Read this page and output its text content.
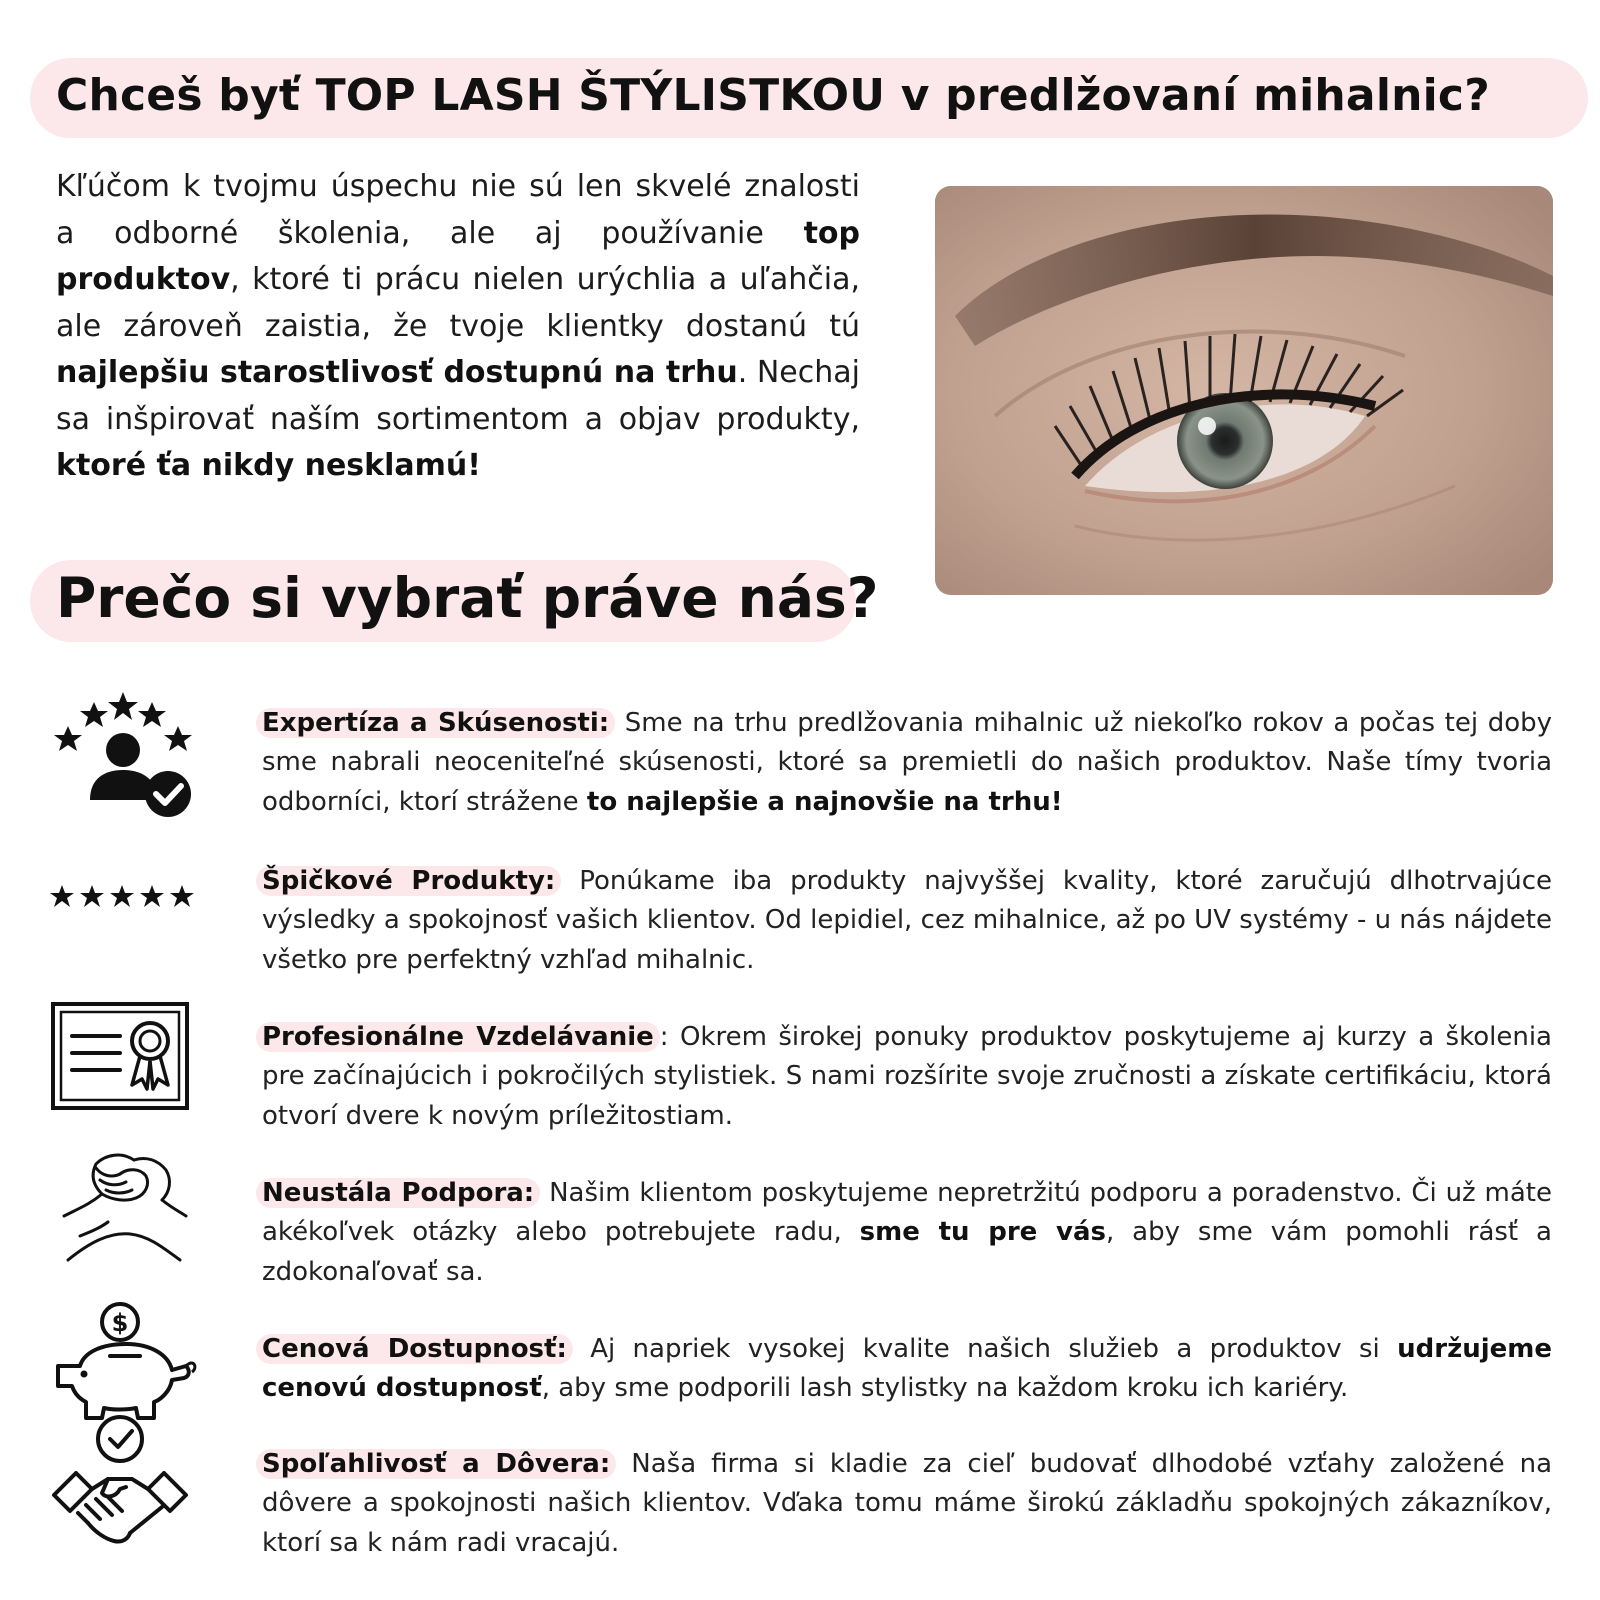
Chceš byť TOP LASH ŠTÝLISTKOU v predlžovaní mihalnic?

Kľúčom k tvojmu úspechu nie sú len skvelé znalosti a odborné školenia, ale aj používanie top produktov, ktoré ti prácu nielen urýchlia a uľahčia, ale zároveň zaistia, že tvoje klientky dostanú tú najlepšiu starostlivosť dostupnú na trhu. Nechaj sa inšpirovať naším sortimentom a objav produkty, ktoré ťa nikdy nesklamú!

Prečo si vybrať práve nás?

Expertíza a Skúsenosti: Sme na trhu predlžovania mihalnic už niekoľko rokov a počas tej doby sme nabrali neoceniteľné skúsenosti, ktoré sa premietli do našich produktov. Naše tímy tvoria odborníci, ktorí strážene to najlepšie a najnovšie na trhu!

Špičkové Produkty: Ponúkame iba produkty najvyššej kvality, ktoré zaručujú dlhotrvajúce výsledky a spokojnosť vašich klientov. Od lepidiel, cez mihalnice, až po UV systémy - u nás nájdete všetko pre perfektný vzhľad mihalnic.

Profesionálne Vzdelávanie : Okrem širokej ponuky produktov poskytujeme aj kurzy a školenia pre začínajúcich i pokročilých stylistiek. S nami rozšírite svoje zručnosti a získate certifikáciu, ktorá otvorí dvere k novým príležitostiam.

Neustála Podpora: Našim klientom poskytujeme nepretržitú podporu a poradenstvo. Či už máte akékoľvek otázky alebo potrebujete radu, sme tu pre vás, aby sme vám pomohli rásť a zdokonaľovať sa.

$

Cenová Dostupnosť: Aj napriek vysokej kvalite našich služieb a produktov si udržujeme cenovú dostupnosť, aby sme podporili lash stylistky na každom kroku ich kariéry.

Spoľahlivosť a Dôvera: Naša firma si kladie za cieľ budovať dlhodobé vzťahy založené na dôvere a spokojnosti našich klientov. Vďaka tomu máme širokú základňu spokojných zákazníkov, ktorí sa k nám radi vracajú.
